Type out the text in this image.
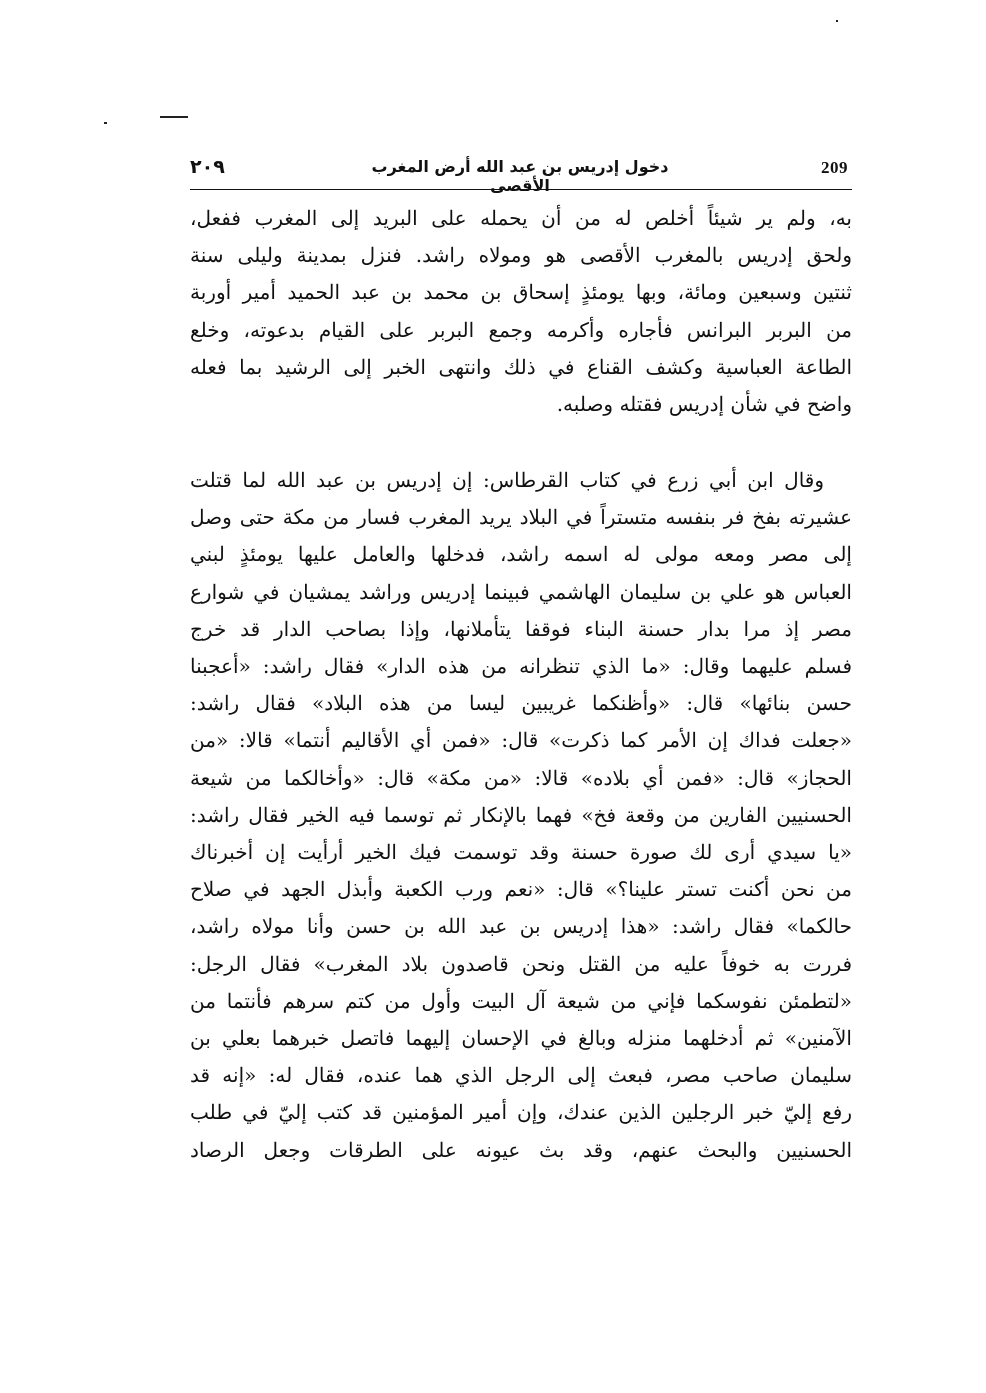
209
دخول إدريس بن عبد الله أرض المغرب الأقصى
٢٠٩
به، ولم ير شيئاً أخلص له من أن يحمله على البريد إلى المغرب ففعل،
ولحق إدريس بالمغرب الأقصى هو ومولاه راشد. فنزل بمدينة وليلى سنة
ثنتين وسبعين ومائة، وبها يومئذٍ إسحاق بن محمد بن عبد الحميد أمير أوربة
من البربر البرانس فأجاره وأكرمه وجمع البربر على القيام بدعوته، وخلع
الطاعة العباسية وكشف القناع في ذلك وانتهى الخبر إلى الرشيد بما فعله
واضح في شأن إدريس فقتله وصلبه.
وقال ابن أبي زرع في كتاب القرطاس: إن إدريس بن عبد الله لما قتلت
عشيرته بفخ فر بنفسه متستراً في البلاد يريد المغرب فسار من مكة حتى وصل
إلى مصر ومعه مولى له اسمه راشد، فدخلها والعامل عليها يومئذٍ لبني
العباس هو علي بن سليمان الهاشمي فبينما إدريس وراشد يمشيان في شوارع
مصر إذ مرا بدار حسنة البناء فوقفا يتأملانها، وإذا بصاحب الدار قد خرج
فسلم عليهما وقال: «ما الذي تنظرانه من هذه الدار» فقال راشد: «أعجبنا
حسن بنائها» قال: «وأظنكما غريبين ليسا من هذه البلاد» فقال راشد:
«جعلت فداك إن الأمر كما ذكرت» قال: «فمن أي الأقاليم أنتما» قالا: «من
الحجاز» قال: «فمن أي بلاده» قالا: «من مكة» قال: «وأخالكما من شيعة
الحسنيين الفارين من وقعة فخ» فهما بالإنكار ثم توسما فيه الخير فقال راشد:
«يا سيدي أرى لك صورة حسنة وقد توسمت فيك الخير أرأيت إن أخبرناك
من نحن أكنت تستر علينا؟» قال: «نعم ورب الكعبة وأبذل الجهد في صلاح
حالكما» فقال راشد: «هذا إدريس بن عبد الله بن حسن وأنا مولاه راشد،
فررت به خوفاً عليه من القتل ونحن قاصدون بلاد المغرب» فقال الرجل:
«لتطمئن نفوسكما فإني من شيعة آل البيت وأول من كتم سرهم فأنتما من
الآمنين» ثم أدخلهما منزله وبالغ في الإحسان إليهما فاتصل خبرهما بعلي بن
سليمان صاحب مصر، فبعث إلى الرجل الذي هما عنده، فقال له: «إنه قد
رفع إليّ خبر الرجلين الذين عندك، وإن أمير المؤمنين قد كتب إليّ في طلب
الحسنيين والبحث عنهم، وقد بث عيونه على الطرقات وجعل الرصاد
